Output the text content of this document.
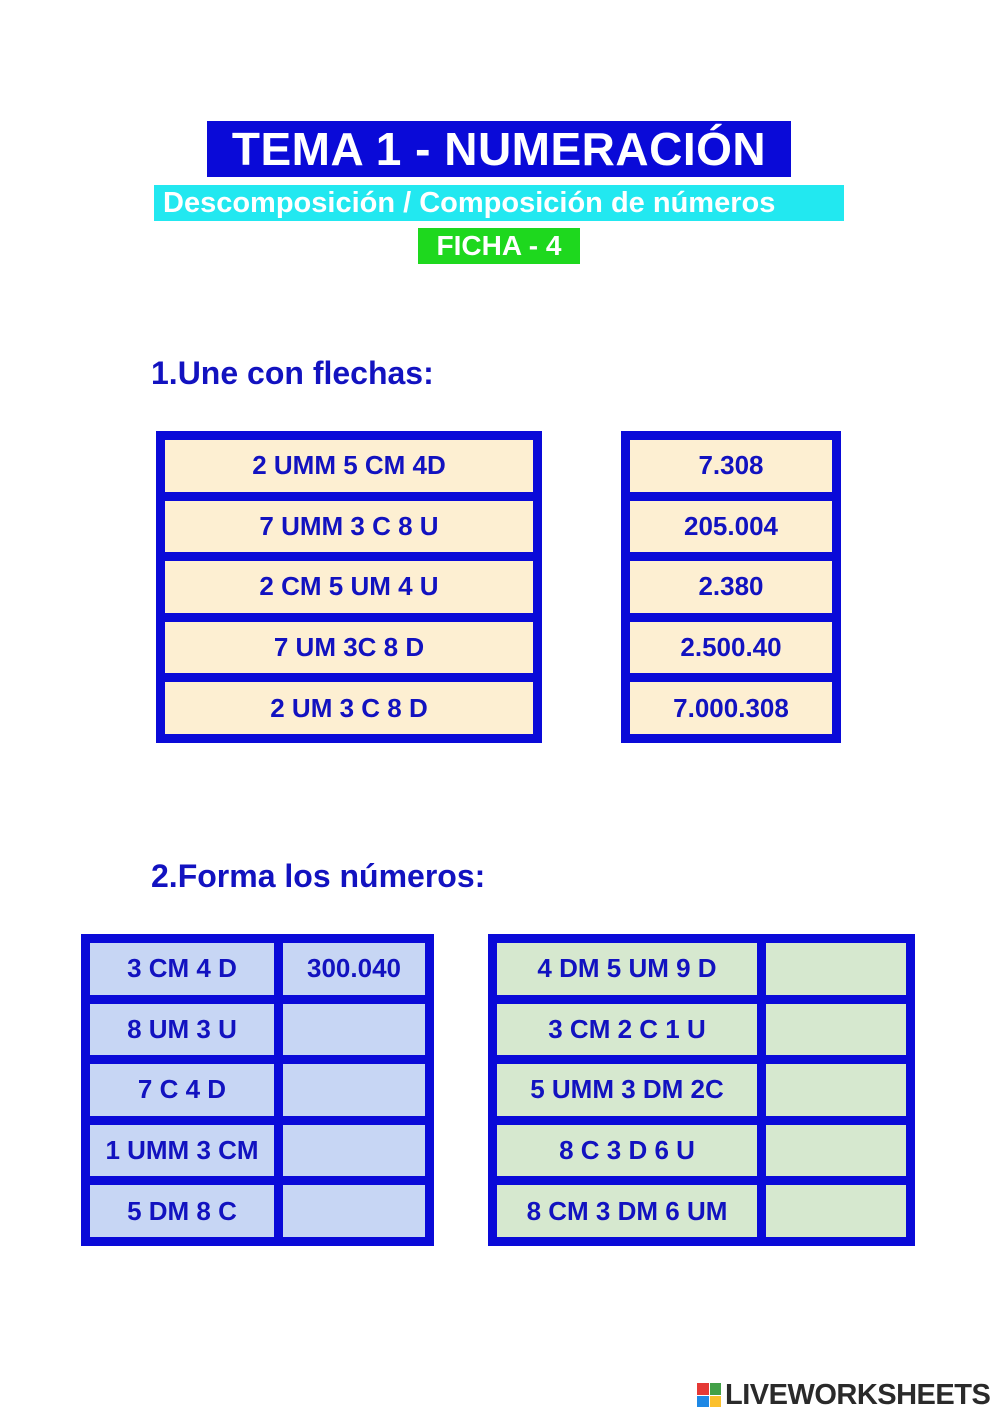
TEMA 1 - NUMERACIÓN
Descomposición / Composición de números
FICHA - 4
1.Une con flechas:
2 UMM 5 CM 4D
7 UMM 3 C 8 U
2 CM 5 UM 4 U
7 UM 3C 8 D
2 UM 3 C 8 D
7.308
205.004
2.380
2.500.40
7.000.308
2.Forma los números:
3 CM 4 D	300.040
8 UM 3 U
7 C 4 D
1 UMM 3 CM
5 DM 8 C
4 DM 5 UM 9 D
3 CM 2 C 1 U
5 UMM 3 DM 2C
8 C 3 D 6 U
8 CM 3 DM 6 UM
LIVEWORKSHEETS
